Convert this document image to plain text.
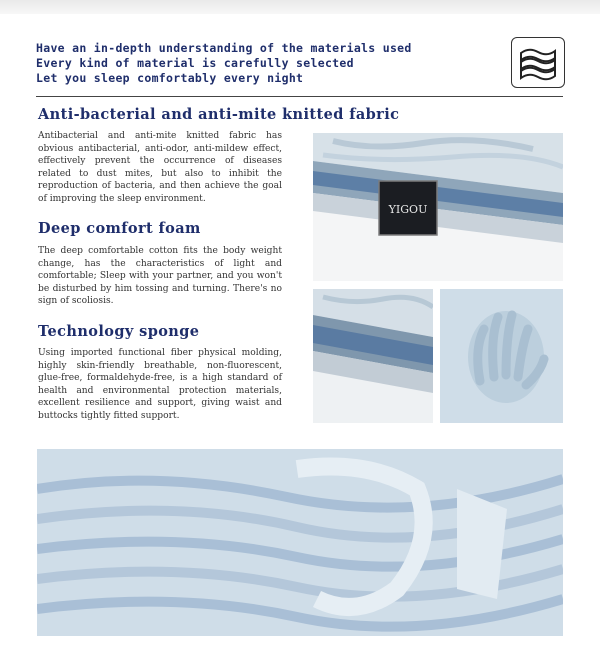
Have an in-depth understanding of the materials used
Every kind of material is carefully selected
Let you sleep comfortably every night
Anti-bacterial and anti-mite knitted fabric
Antibacterial and anti-mite knitted fabric has obvious antibacterial, anti-odor, anti-mildew effect, effectively prevent the occurrence of diseases related to dust mites, but also to inhibit the reproduction of bacteria, and then achieve the goal of improving the sleep environment.
Deep comfort foam
The deep comfortable cotton fits the body weight change, has the characteristics of light and comfortable; Sleep with your partner, and you won't be disturbed by him tossing and turning. There's no sign of scoliosis.
Technology sponge
Using imported functional fiber physical molding, highly skin-friendly breathable, non-fluorescent, glue-free, formaldehyde-free, is a high standard of health and environmental protection materials, excellent resilience and support, giving waist and buttocks tightly fitted support.
YIGOU
